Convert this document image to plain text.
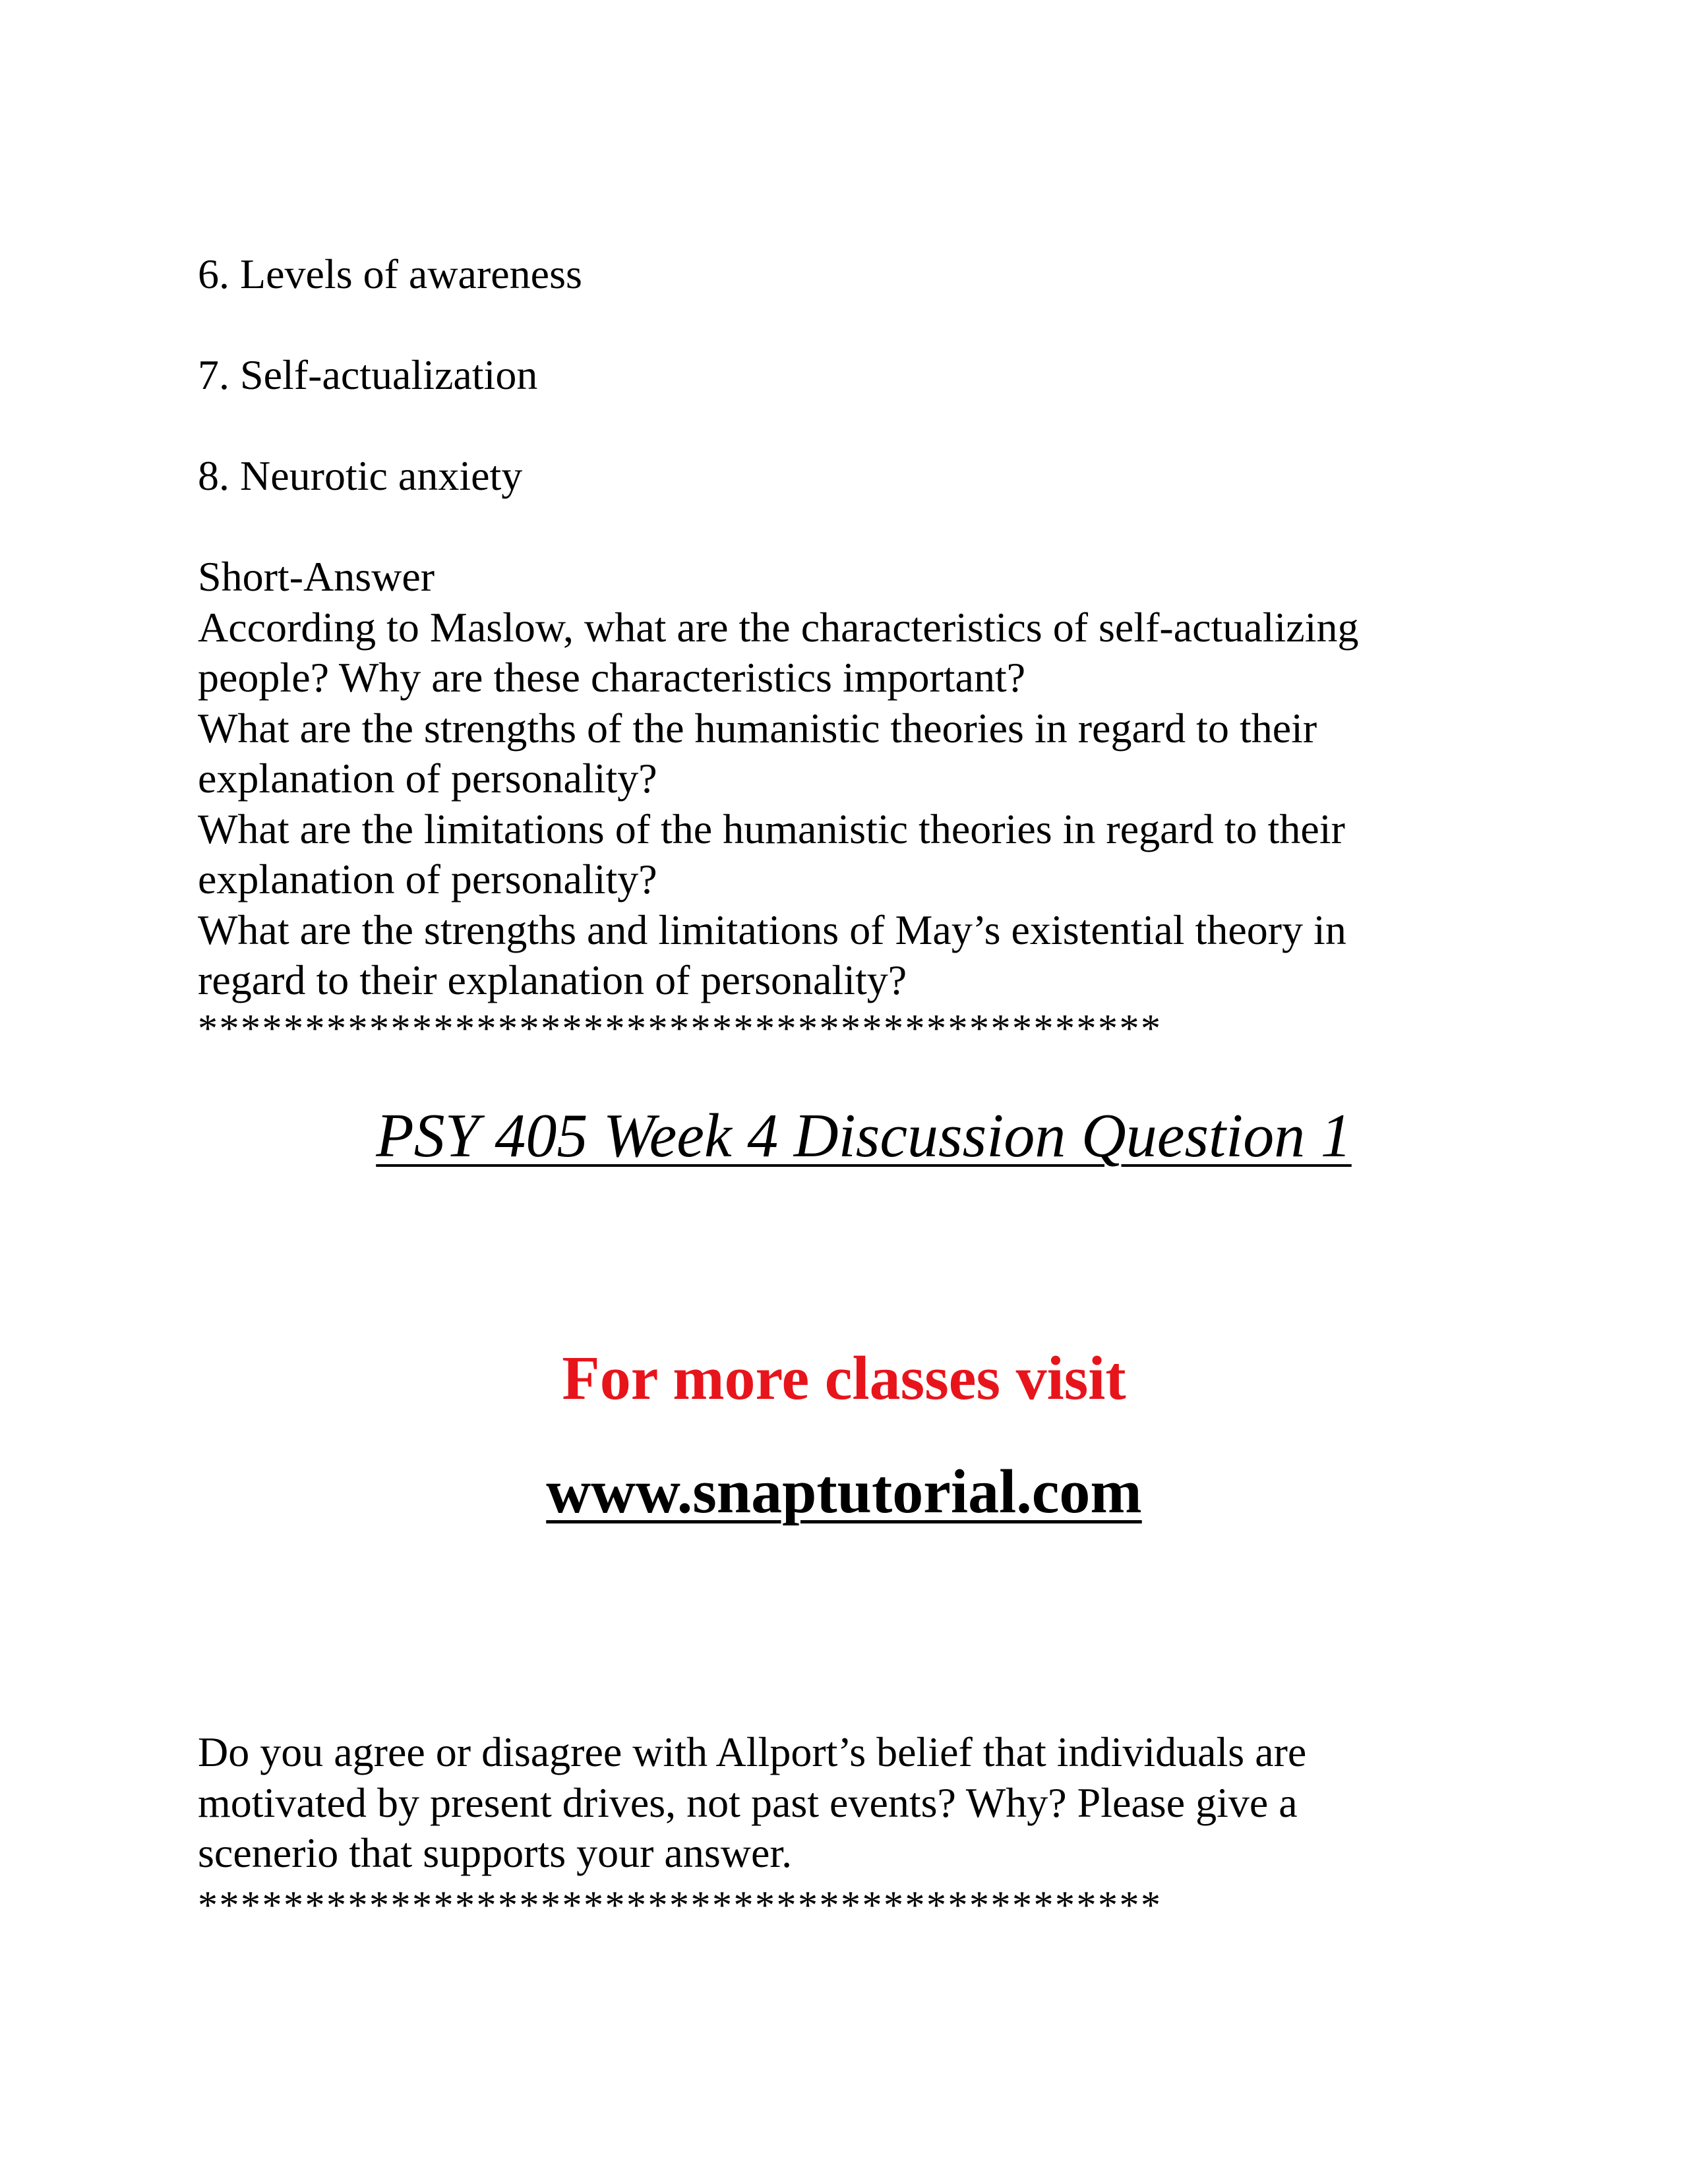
6. Levels of awareness
7. Self-actualization
8. Neurotic anxiety

Short-Answer

According to Maslow, what are the characteristics of self-actualizing

people? Why are these characteristics important?

What are the strengths of the humanistic theories in regard to their

explanation of personality?

What are the limitations of the humanistic theories in regard to their

explanation of personality?

What are the strengths and limitations of May’s existential theory in

regard to their explanation of personality?

*********************************************
PSY 405 Week 4 Discussion Question 1
For more classes visit
www.snaptutorial.com

Do you agree or disagree with Allport’s belief that individuals are

motivated by present drives, not past events? Why? Please give a

scenerio that supports your answer.

*********************************************
